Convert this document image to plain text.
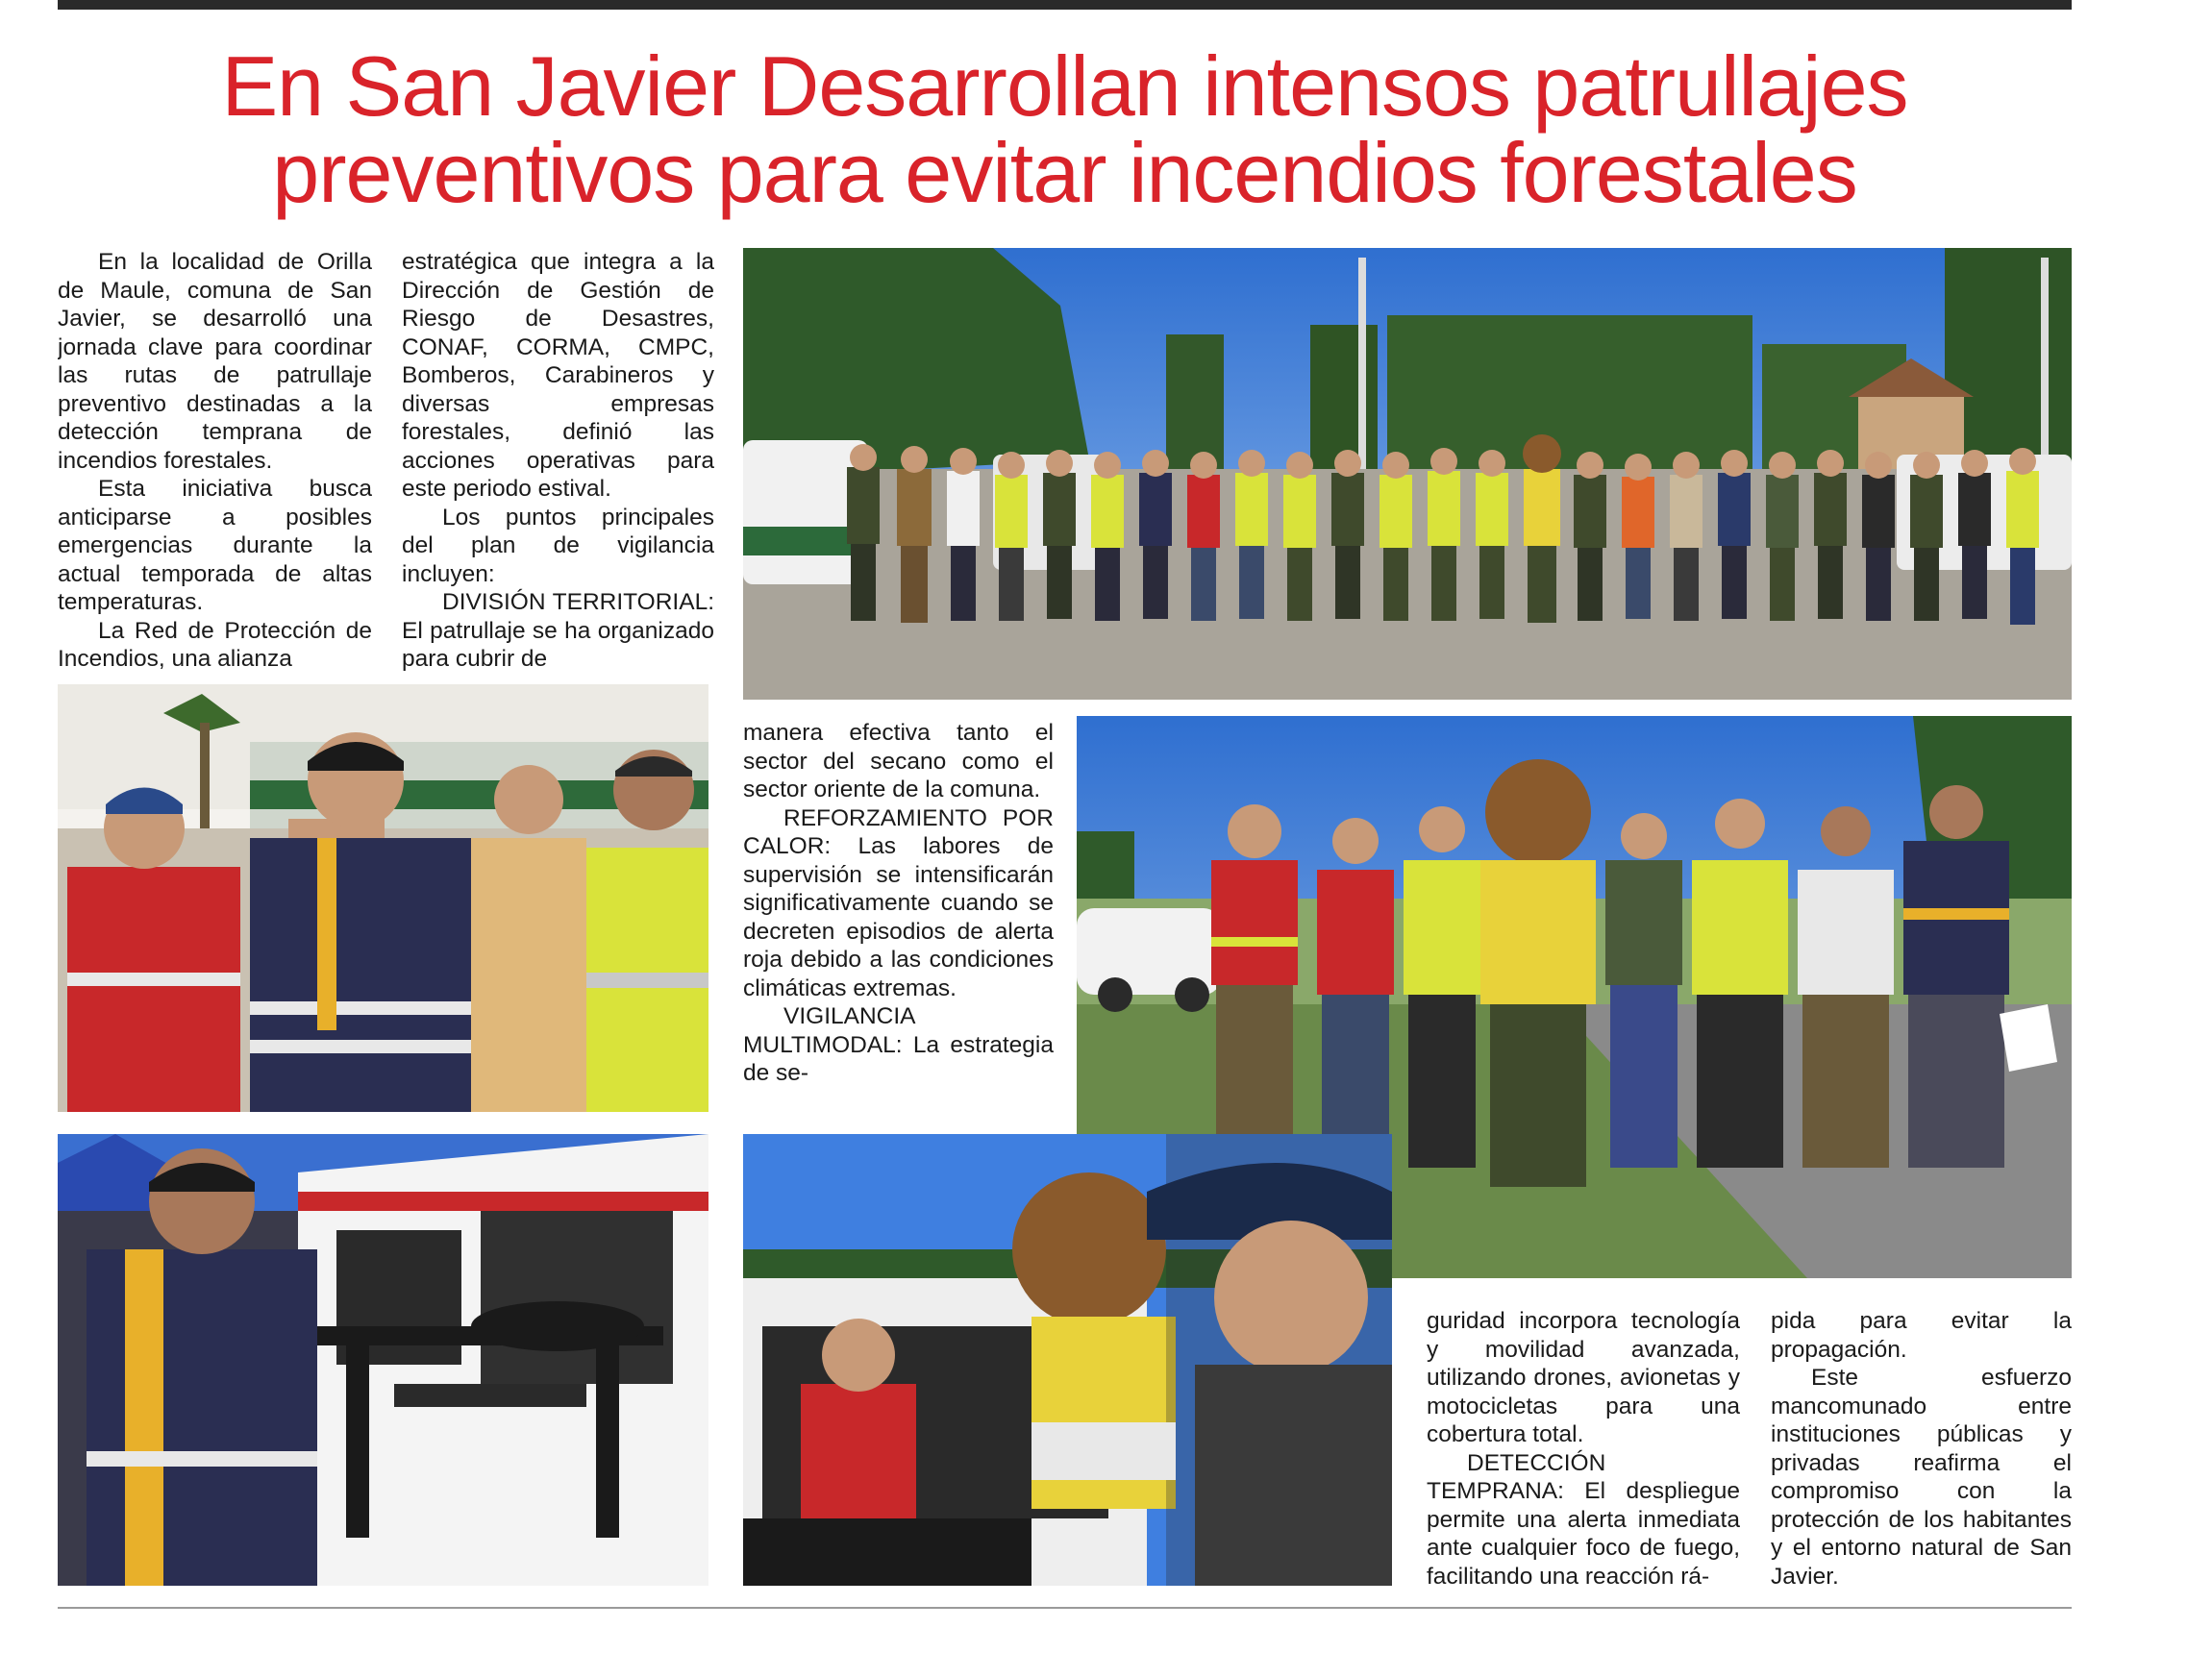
En San Javier Desarrollan intensos patrullajes
preventivos para evitar incendios forestales

En la localidad de Orilla de Maule, comuna de San Javier, se desarrolló una jornada clave para coordinar las rutas de patrullaje preventivo destinadas a la detección temprana de incendios forestales.

Esta iniciativa busca anticiparse a posibles emergencias durante la actual temporada de altas temperaturas.

La Red de Protección de Incendios, una alianza

estratégica que integra a la Dirección de Gestión de Riesgo de Desastres, CONAF, CORMA, CMPC, Bomberos, Carabineros y diversas empresas forestales, definió las acciones operativas para este periodo estival.

Los puntos principales del plan de vigilancia incluyen:

DIVISIÓN TERRITORIAL: El patrullaje se ha organizado para cubrir de

manera efectiva tanto el sector del secano como el sector oriente de la comuna.

REFORZAMIENTO POR CALOR: Las labores de supervisión se intensificarán significativamente cuando se decreten episodios de alerta roja debido a las condiciones climáticas extremas.

VIGILANCIA MULTIMODAL: La estrategia de se-

guridad incorpora tecnología y movilidad avanzada, utilizando drones, avionetas y motocicletas para una cobertura total.

DETECCIÓN TEMPRANA: El despliegue permite una alerta inmediata ante cualquier foco de fuego, facilitando una reacción rá-

pida para evitar la propagación.

Este esfuerzo mancomunado entre instituciones públicas y privadas reafirma el compromiso con la protección de los habitantes y el entorno natural de San Javier.
